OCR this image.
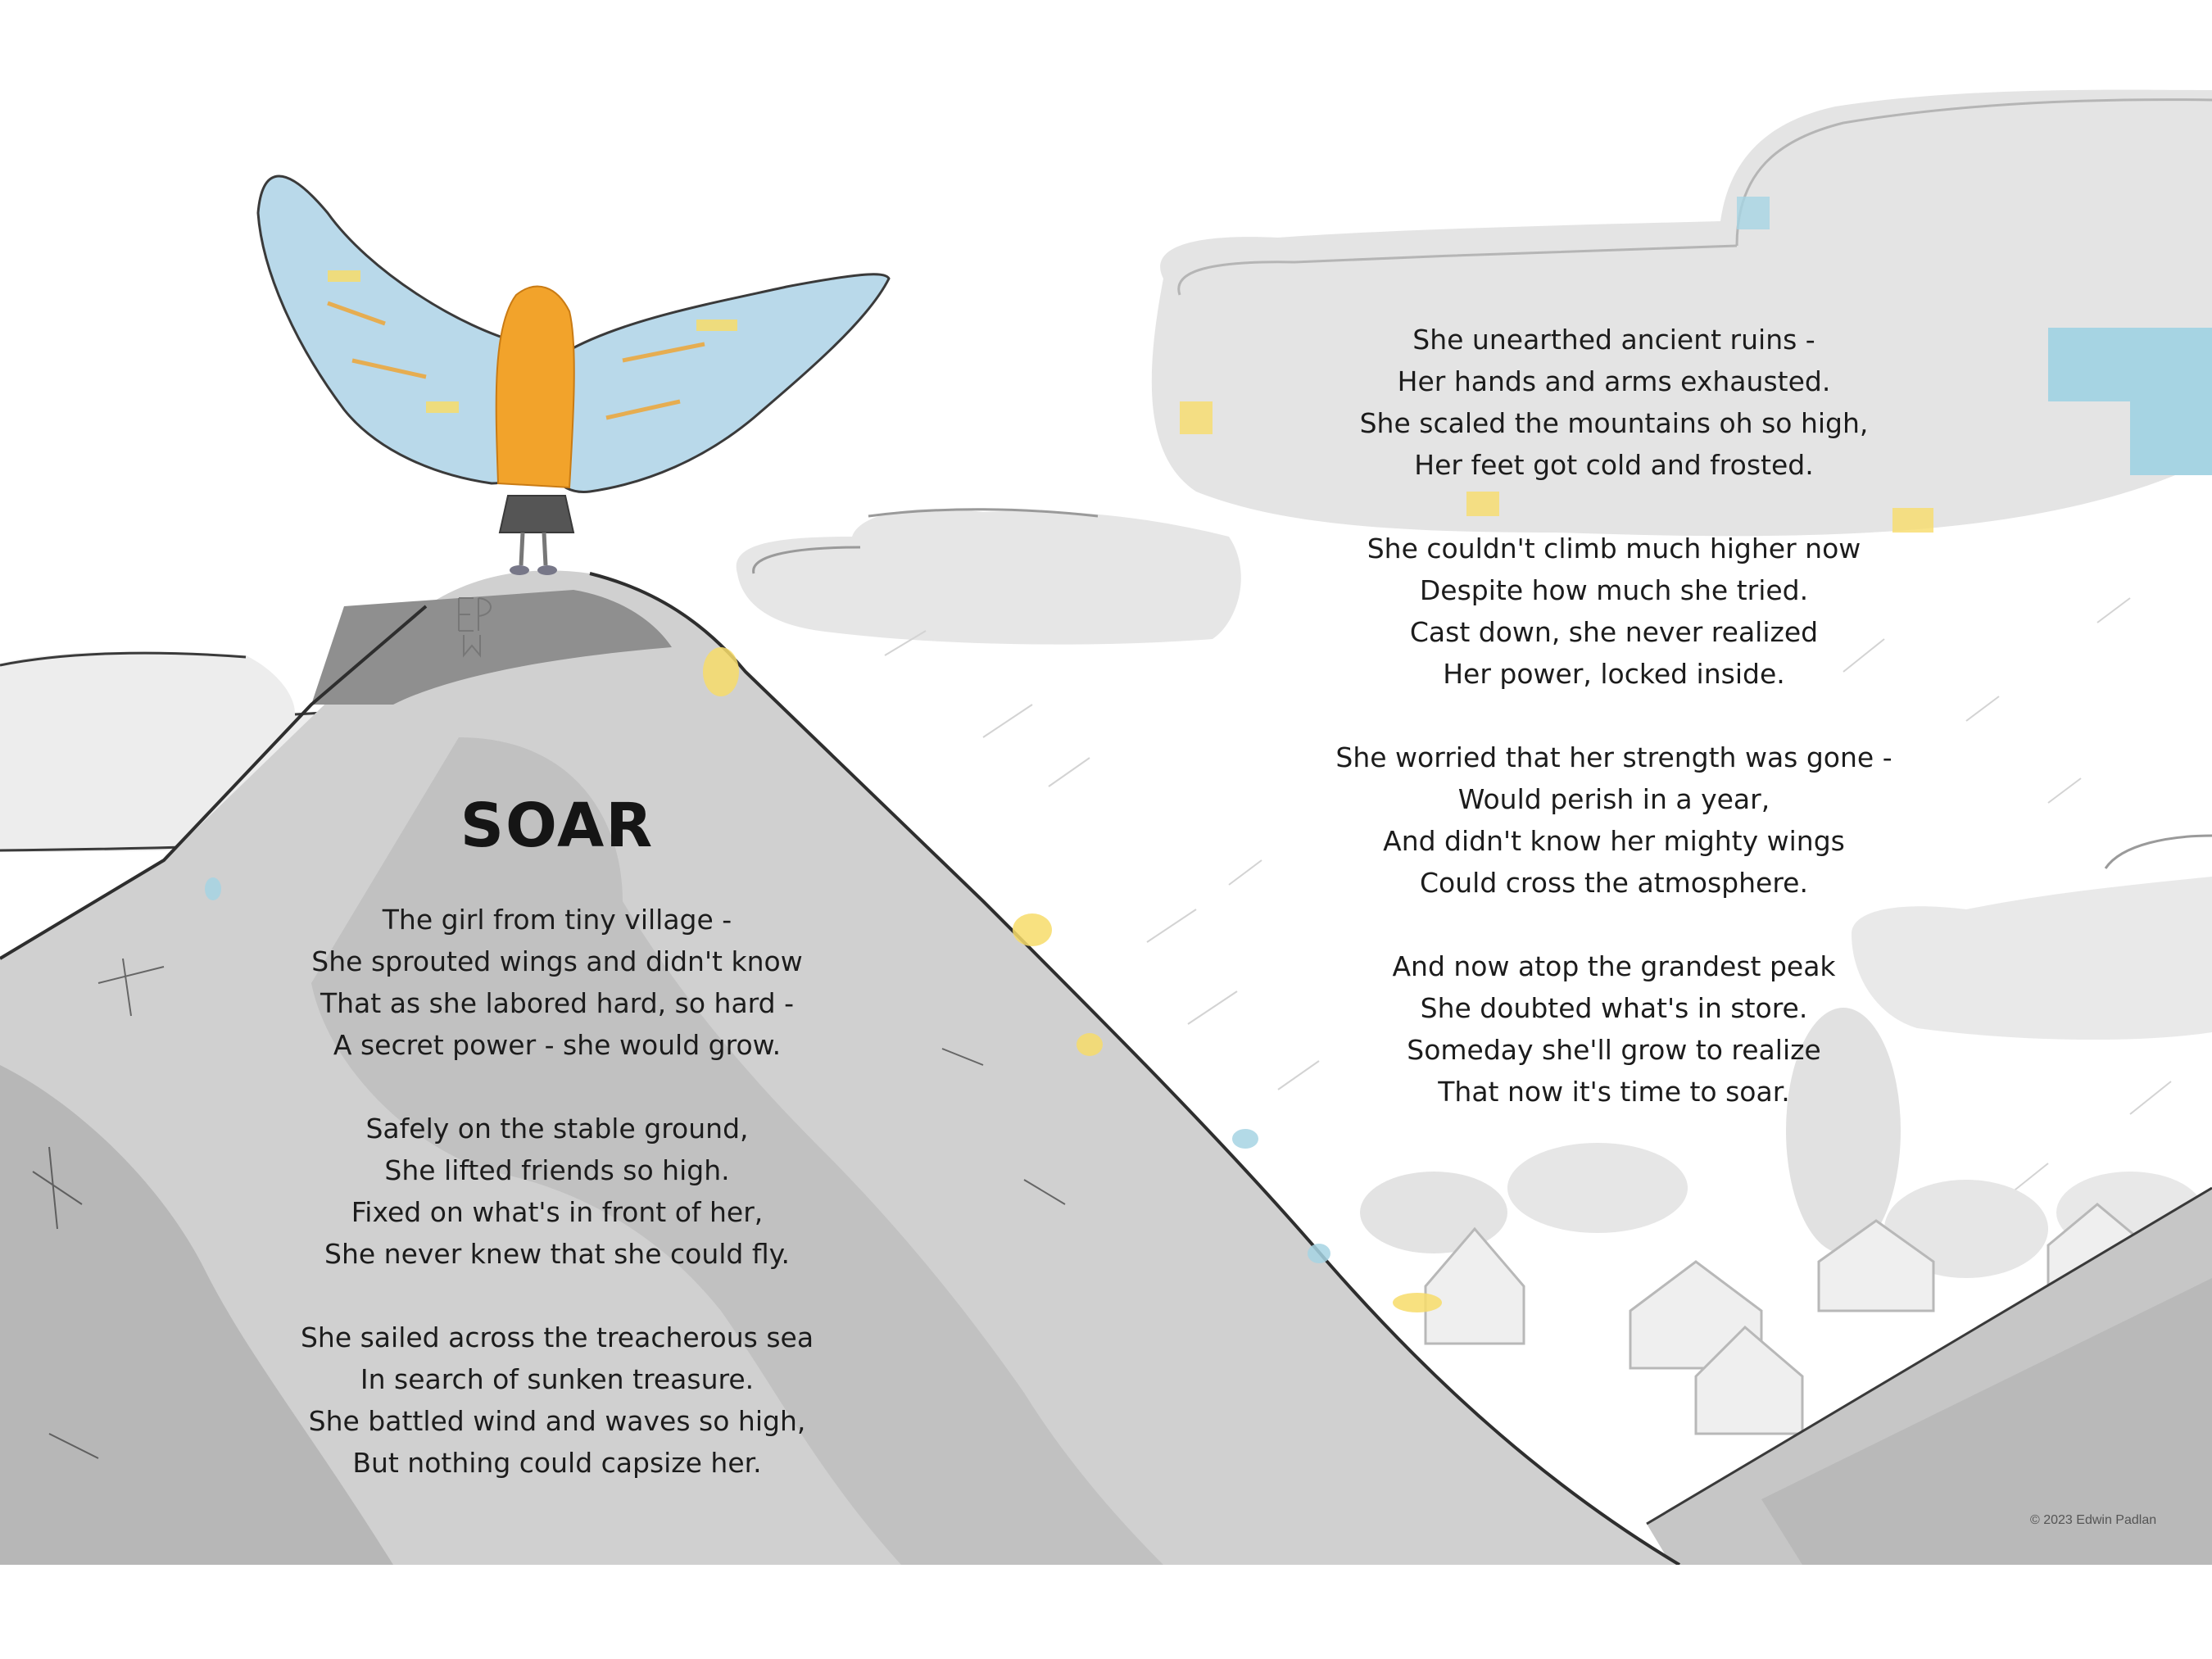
SOAR
The girl from tiny village -
She sprouted wings and didn't know
That as she labored hard, so hard -
A secret power - she would grow.
Safely on the stable ground,
She lifted friends so high.
Fixed on what's in front of her,
She never knew that she could fly.
She sailed across the treacherous sea
In search of sunken treasure.
She battled wind and waves so high,
But nothing could capsize her.
She unearthed ancient ruins -
Her hands and arms exhausted.
She scaled the mountains oh so high,
Her feet got cold and frosted.
She couldn't climb much higher now
Despite how much she tried.
Cast down, she never realized
Her power, locked inside.
She worried that her strength was gone -
Would perish in a year,
And didn't know her mighty wings
Could cross the atmosphere.
And now atop the grandest peak
She doubted what's in store.
Someday she'll grow to realize
That now it's time to soar.
© 2023 Edwin Padlan
